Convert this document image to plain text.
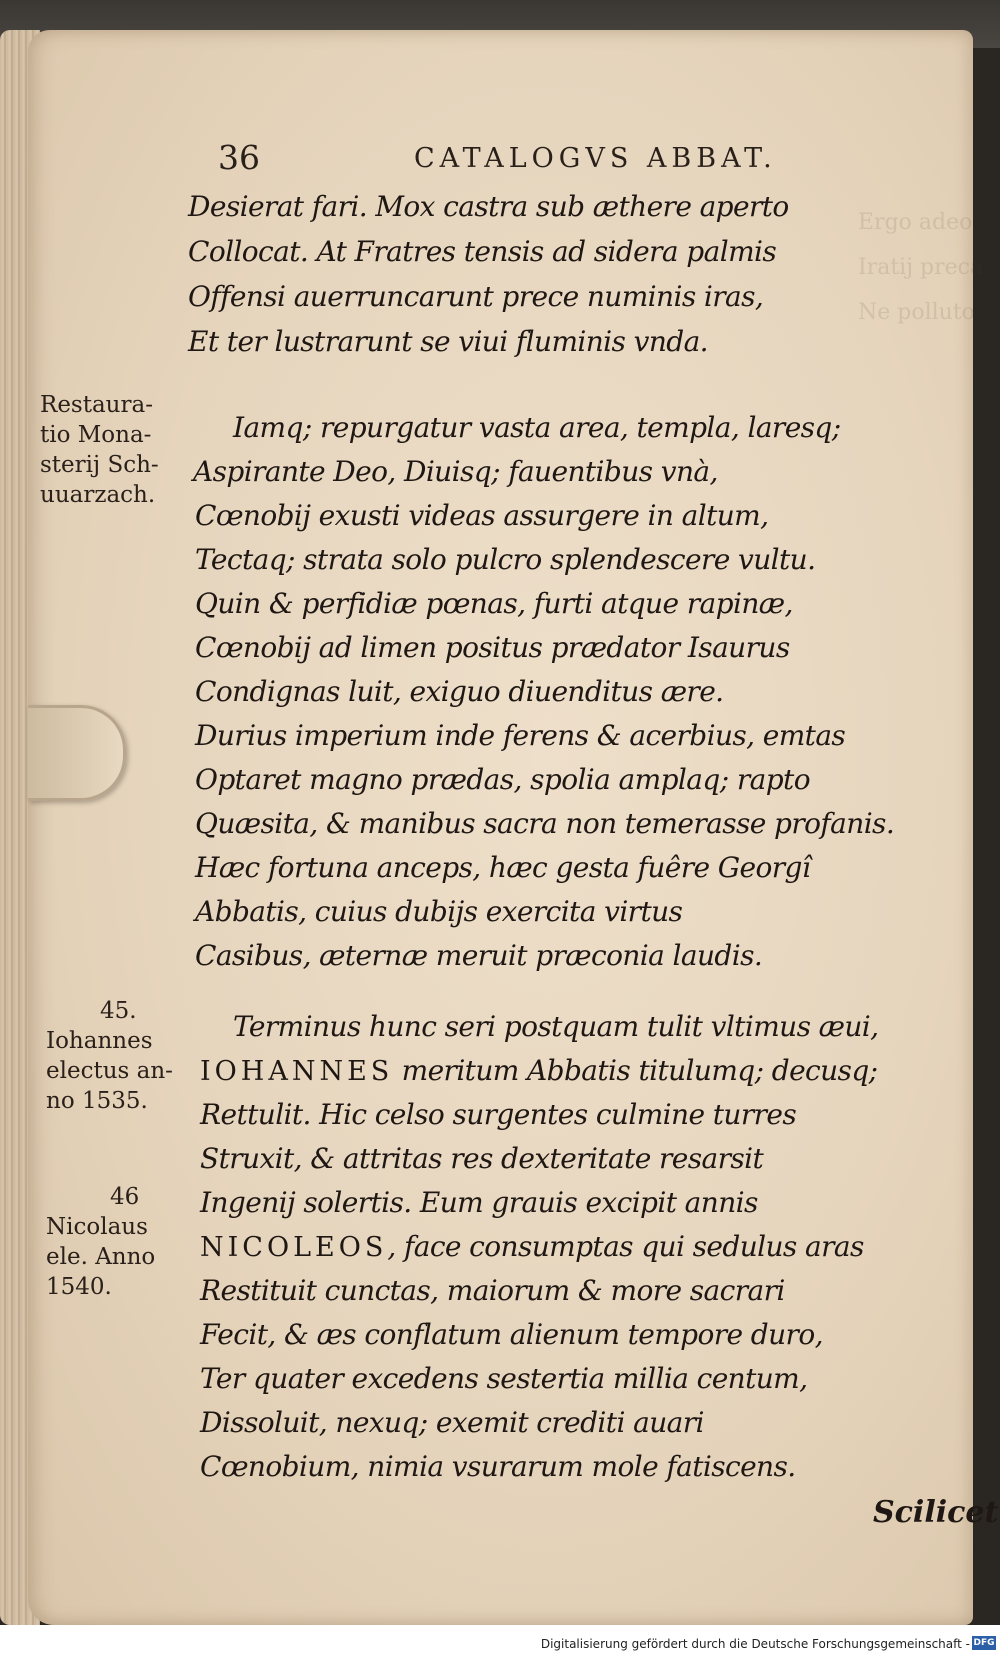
Ergo adeo
Iratij preca
Ne polluto
36	CATALOGVS ABBAT.
Desierat fari. Mox castra sub æthere aperto
Collocat. At Fratres tensis ad sidera palmis
Offensi auerruncarunt prece numinis iras,
Et ter lustrarunt se viui fluminis vnda.
Iamq; repurgatur vasta area, templa, laresq;
Aspirante Deo, Diuisq; fauentibus vnà,
Cœnobij exusti videas assurgere in altum,
Tectaq; strata solo pulcro splendescere vultu.
Quin & perfidiæ pœnas, furti atque rapinæ,
Cœnobij ad limen positus prædator Isaurus
Condignas luit, exiguo diuenditus ære.
Durius imperium inde ferens & acerbius, emtas
Optaret magno prædas, spolia amplaq; rapto
Quæsita, & manibus sacra non temerasse profanis.
Hæc fortuna anceps, hæc gesta fuêre Georgî
Abbatis, cuius dubijs exercita virtus
Casibus, æternæ meruit præconia laudis.
Terminus hunc seri postquam tulit vltimus æui,
IOHANNES meritum Abbatis titulumq; decusq;
Rettulit. Hic celso surgentes culmine turres
Struxit, & attritas res dexteritate resarsit
Ingenij solertis. Eum grauis excipit annis
NICOLEOS, face consumptas qui sedulus aras
Restituit cunctas, maiorum & more sacrari
Fecit, & æs conflatum alienum tempore duro,
Ter quater excedens sestertia millia centum,
Dissoluit, nexuq; exemit crediti auari
Cœnobium, nimia vsurarum mole fatiscens.
Restaura-
tio Mona-
sterij Sch-
uuarzach.
45.
Iohannes
electus an-
no 1535.
46
Nicolaus
ele. Anno
1540.
Scilicet
Digitalisierung gefördert durch die Deutsche Forschungsgemeinschaft - DFG
